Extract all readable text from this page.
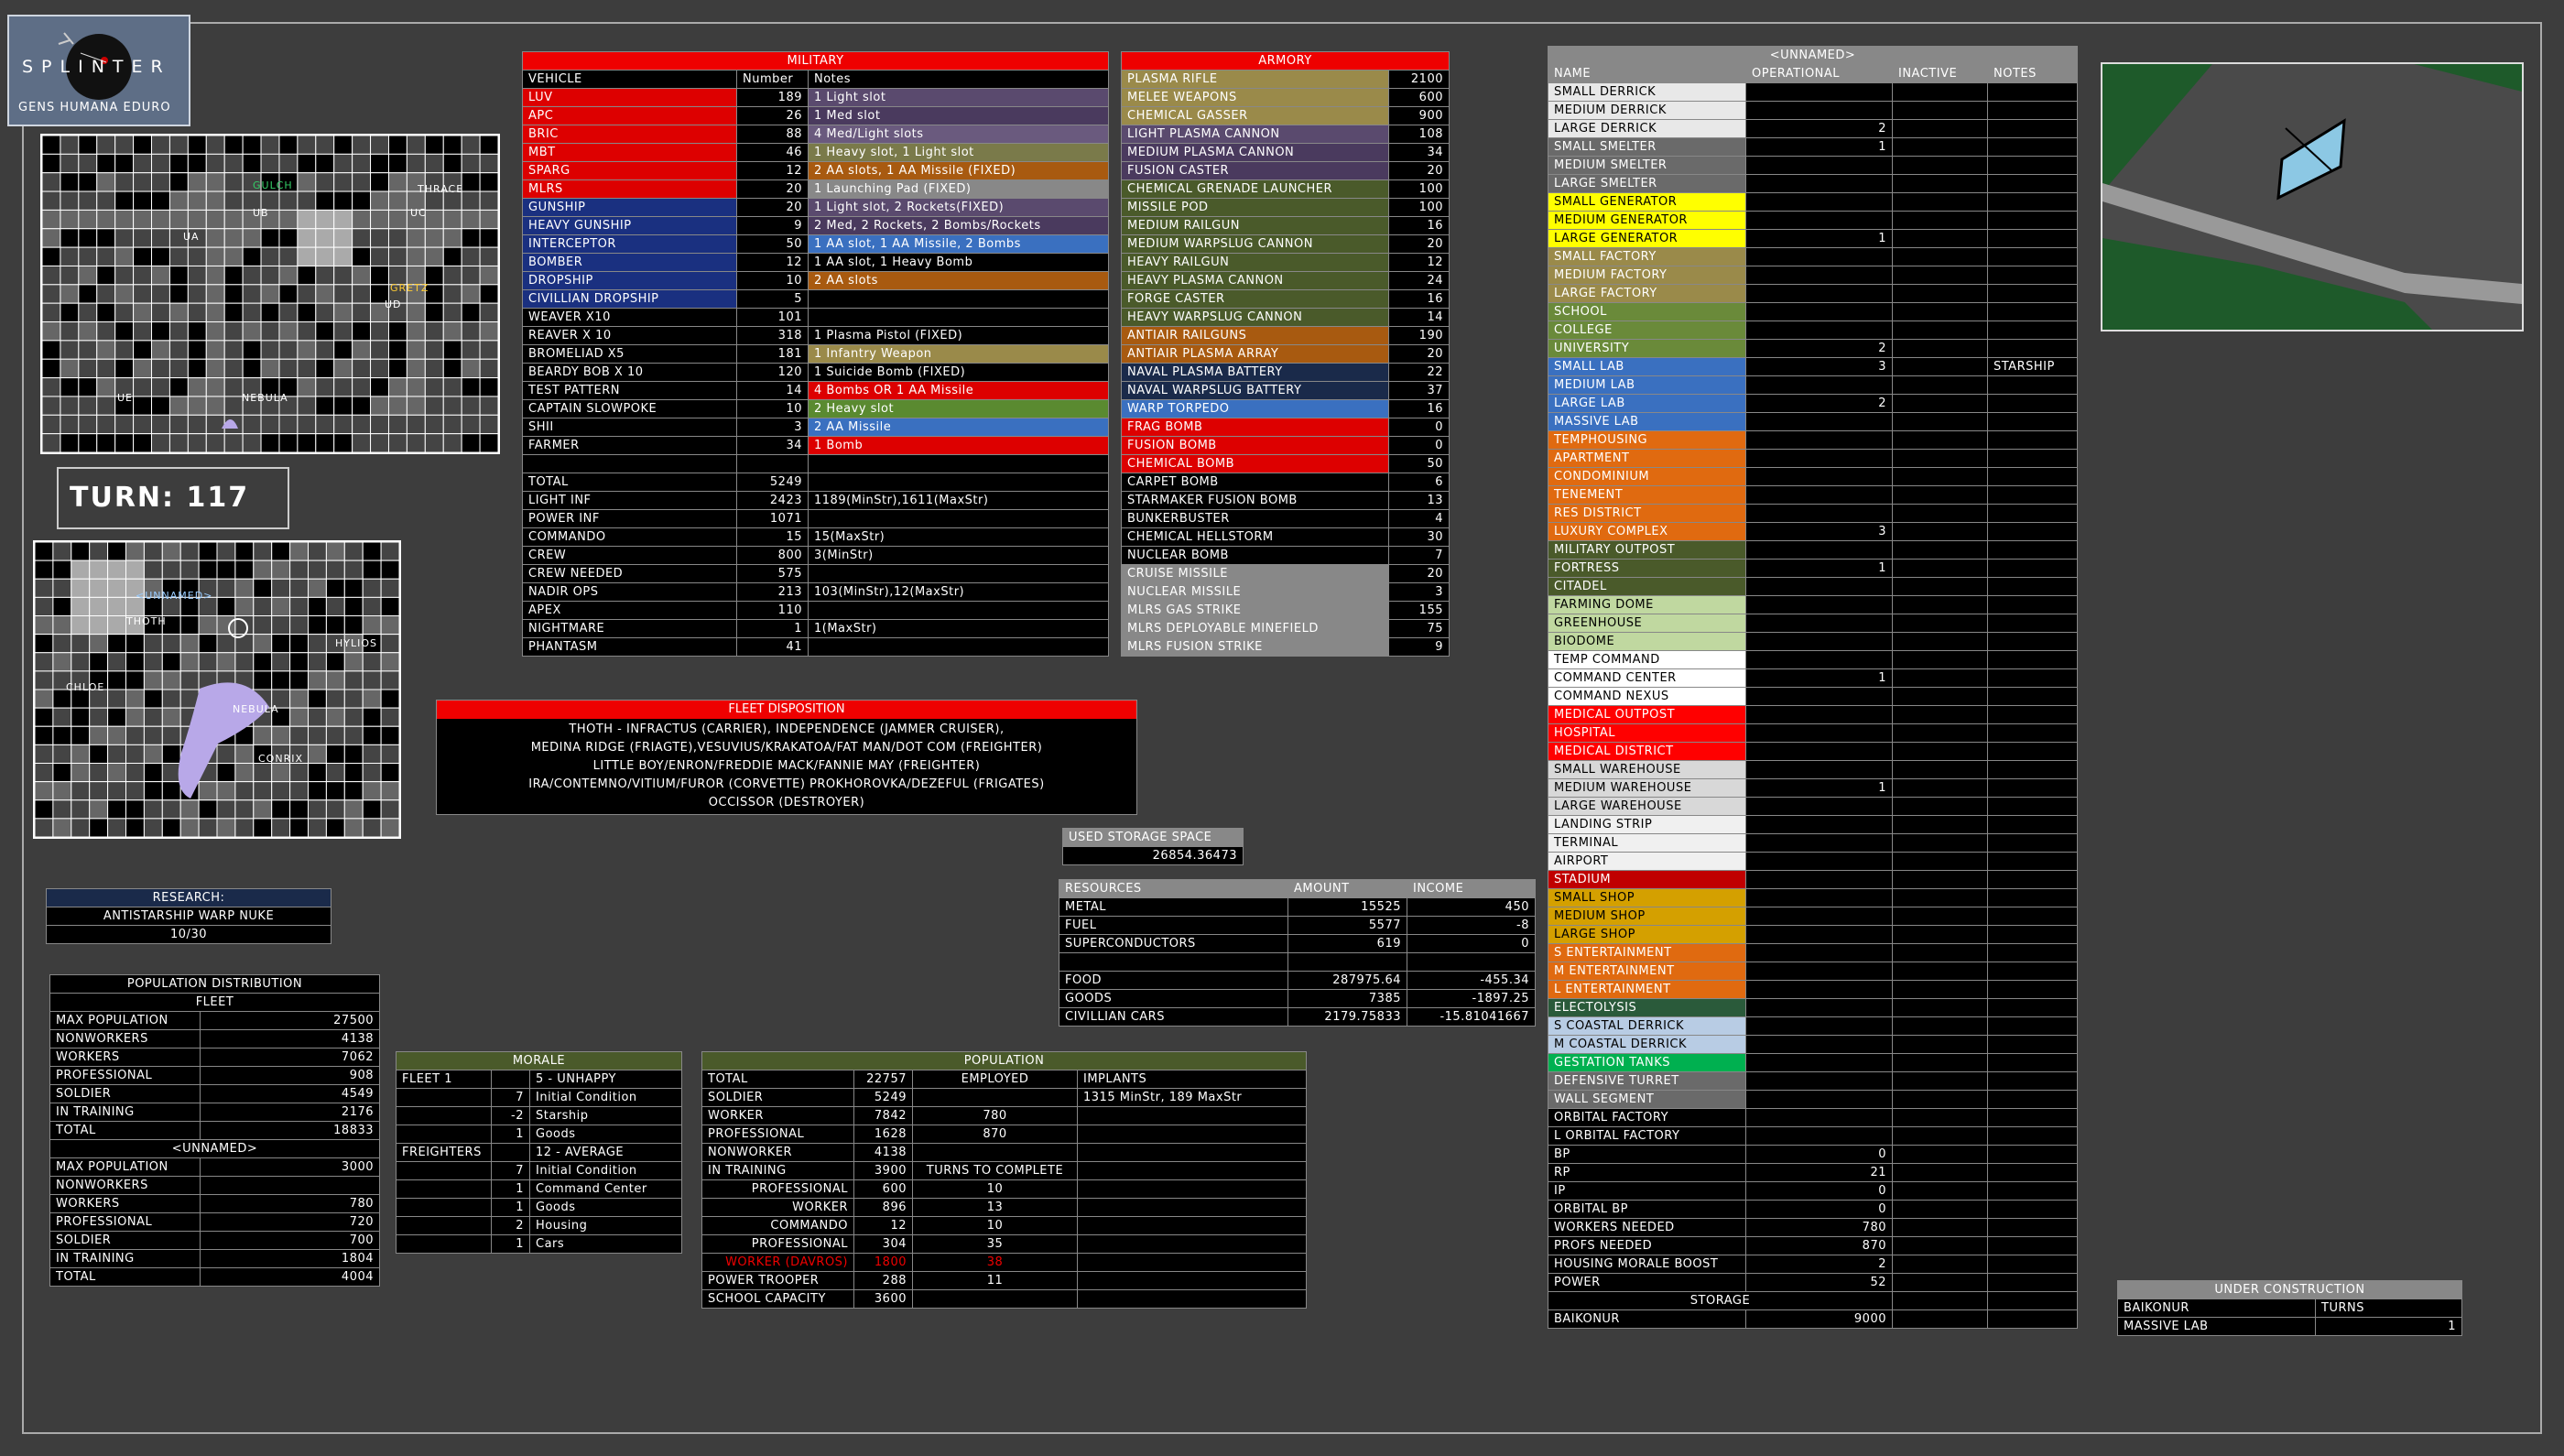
SPLINTER
GENS HUMANA EDURO
GULCH	THRACE
UA
UB	UC
UD
GRETZ
UE	NEBULA
TURN: 117
<UNNAMED>
THOTH
HYLIOS
CHLOE
NEBULA
CONRIX
MILITARY		
VEHICLE	Number	Notes
LUV	189	1 Light slot
APC	26	1 Med slot
BRIC	88	4 Med/Light slots
MBT	46	1 Heavy slot, 1 Light slot
SPARG	12	2 AA slots, 1 AA Missile (FIXED)
MLRS	20	1 Launching Pad (FIXED)
GUNSHIP	20	1 Light slot, 2 Rockets(FIXED)
HEAVY GUNSHIP	9	2 Med, 2 Rockets, 2 Bombs/Rockets
INTERCEPTOR	50	1 AA slot, 1 AA Missile, 2 Bombs
BOMBER	12	1 AA slot, 1 Heavy Bomb
DROPSHIP	10	2 AA slots
CIVILLIAN DROPSHIP	5	
WEAVER X10	101	
REAVER X 10	318	1 Plasma Pistol (FIXED)
BROMELIAD X5	181	1 Infantry Weapon
BEARDY BOB X 10	120	1 Suicide Bomb (FIXED)
TEST PATTERN	14	4 Bombs OR 1 AA Missile
CAPTAIN SLOWPOKE	10	2 Heavy slot
SHII	3	2 AA Missile
FARMER	34	1 Bomb

TOTAL	5249	
LIGHT INF	2423	1189(MinStr),1611(MaxStr)
POWER INF	1071	
COMMANDO	15	15(MaxStr)
CREW	800	3(MinStr)
CREW NEEDED	575	
NADIR OPS	213	103(MinStr),12(MaxStr)
APEX	110	
NIGHTMARE	1	1(MaxStr)
PHANTASM	41	
ARMORY	
PLASMA RIFLE	2100
MELEE WEAPONS	600
CHEMICAL GASSER	900
LIGHT PLASMA CANNON	108
MEDIUM PLASMA CANNON	34
FUSION CASTER	20
CHEMICAL GRENADE LAUNCHER	100
MISSILE POD	100
MEDIUM RAILGUN	16
MEDIUM WARPSLUG CANNON	20
HEAVY RAILGUN	12
HEAVY PLASMA CANNON	24
FORGE CASTER	16
HEAVY WARPSLUG CANNON	14
ANTIAIR RAILGUNS	190
ANTIAIR PLASMA ARRAY	20
NAVAL PLASMA BATTERY	22
NAVAL WARPSLUG BATTERY	37
WARP TORPEDO	16
FRAG BOMB	0
FUSION BOMB	0
CHEMICAL BOMB	50
CARPET BOMB	6
STARMAKER FUSION BOMB	13
BUNKERBUSTER	4
CHEMICAL HELLSTORM	30
NUCLEAR BOMB	7
CRUISE MISSILE	20
NUCLEAR MISSILE	3
MLRS GAS STRIKE	155
MLRS DEPLOYABLE MINEFIELD	75
MLRS FUSION STRIKE	9
FLEET DISPOSITION
THOTH - INFRACTUS (CARRIER), INDEPENDENCE (JAMMER CRUISER),
MEDINA RIDGE (FRIAGTE),VESUVIUS/KRAKATOA/FAT MAN/DOT COM (FREIGHTER)
LITTLE BOY/ENRON/FREDDIE MACK/FANNIE MAY (FREIGHTER)
IRA/CONTEMNO/VITIUM/FUROR (CORVETTE) PROKHOROVKA/DEZEFUL (FRIGATES)
OCCISSOR (DESTROYER)
USED STORAGE SPACE
26854.36473
RESOURCES	AMOUNT	INCOME
METAL	15525	450
FUEL	5577	-8
SUPERCONDUCTORS	619	0

FOOD	287975.64	-455.34
GOODS	7385	-1897.25
CIVILLIAN CARS	2179.75833	-15.81041667
RESEARCH:
ANTISTARSHIP WARP NUKE
10/30
POPULATION DISTRIBUTION	
FLEET	
MAX POPULATION	27500
NONWORKERS	4138
WORKERS	7062
PROFESSIONAL	908
SOLDIER	4549
IN TRAINING	2176
TOTAL	18833
<UNNAMED>	
MAX POPULATION	3000
NONWORKERS	
WORKERS	780
PROFESSIONAL	720
SOLDIER	700
IN TRAINING	1804
TOTAL	4004
MORALE		
FLEET 1		5 - UNHAPPY
	7	Initial Condition
	-2	Starship
	1	Goods
FREIGHTERS		12 - AVERAGE
	7	Initial Condition
	1	Command Center
	1	Goods
	2	Housing
	1	Cars
POPULATION			
TOTAL	22757	EMPLOYED	IMPLANTS
SOLDIER	5249		1315 MinStr, 189 MaxStr
WORKER	7842	780	
PROFESSIONAL	1628	870	
NONWORKER	4138		
IN TRAINING	3900	TURNS TO COMPLETE	
PROFESSIONAL	600	10	
WORKER	896	13	
COMMANDO	12	10	
PROFESSIONAL	304	35	
WORKER (DAVROS)	1800	38	
POWER TROOPER	288	11	
SCHOOL CAPACITY	3600		
<UNNAMED>			
NAME	OPERATIONAL	INACTIVE	NOTES
SMALL DERRICK			
MEDIUM DERRICK			
LARGE DERRICK	2		
SMALL SMELTER	1		
MEDIUM SMELTER			
LARGE SMELTER			
SMALL GENERATOR			
MEDIUM GENERATOR			
LARGE GENERATOR	1		
SMALL FACTORY			
MEDIUM FACTORY			
LARGE FACTORY			
SCHOOL			
COLLEGE			
UNIVERSITY	2		
SMALL LAB	3		STARSHIP
MEDIUM LAB			
LARGE LAB	2		
MASSIVE LAB			
TEMPHOUSING			
APARTMENT			
CONDOMINIUM			
TENEMENT			
RES DISTRICT			
LUXURY COMPLEX	3		
MILITARY OUTPOST			
FORTRESS	1		
CITADEL			
FARMING DOME			
GREENHOUSE			
BIODOME			
TEMP COMMAND			
COMMAND CENTER	1		
COMMAND NEXUS			
MEDICAL OUTPOST			
HOSPITAL			
MEDICAL DISTRICT			
SMALL WAREHOUSE			
MEDIUM WAREHOUSE	1		
LARGE WAREHOUSE			
LANDING STRIP			
TERMINAL			
AIRPORT			
STADIUM			
SMALL SHOP			
MEDIUM SHOP			
LARGE SHOP			
S ENTERTAINMENT			
M ENTERTAINMENT			
L ENTERTAINMENT			
ELECTOLYSIS			
S COASTAL DERRICK			
M COASTAL DERRICK			
GESTATION TANKS			
DEFENSIVE TURRET			
WALL SEGMENT			
ORBITAL FACTORY			
L ORBITAL FACTORY			
BP	0		
RP	21		
IP	0		
ORBITAL BP	0		
WORKERS NEEDED	780		
PROFS NEEDED	870		
HOUSING MORALE BOOST	2		
POWER	52		
STORAGE			
BAIKONUR	9000		
UNDER CONSTRUCTION	
BAIKONUR	TURNS
MASSIVE LAB	1
